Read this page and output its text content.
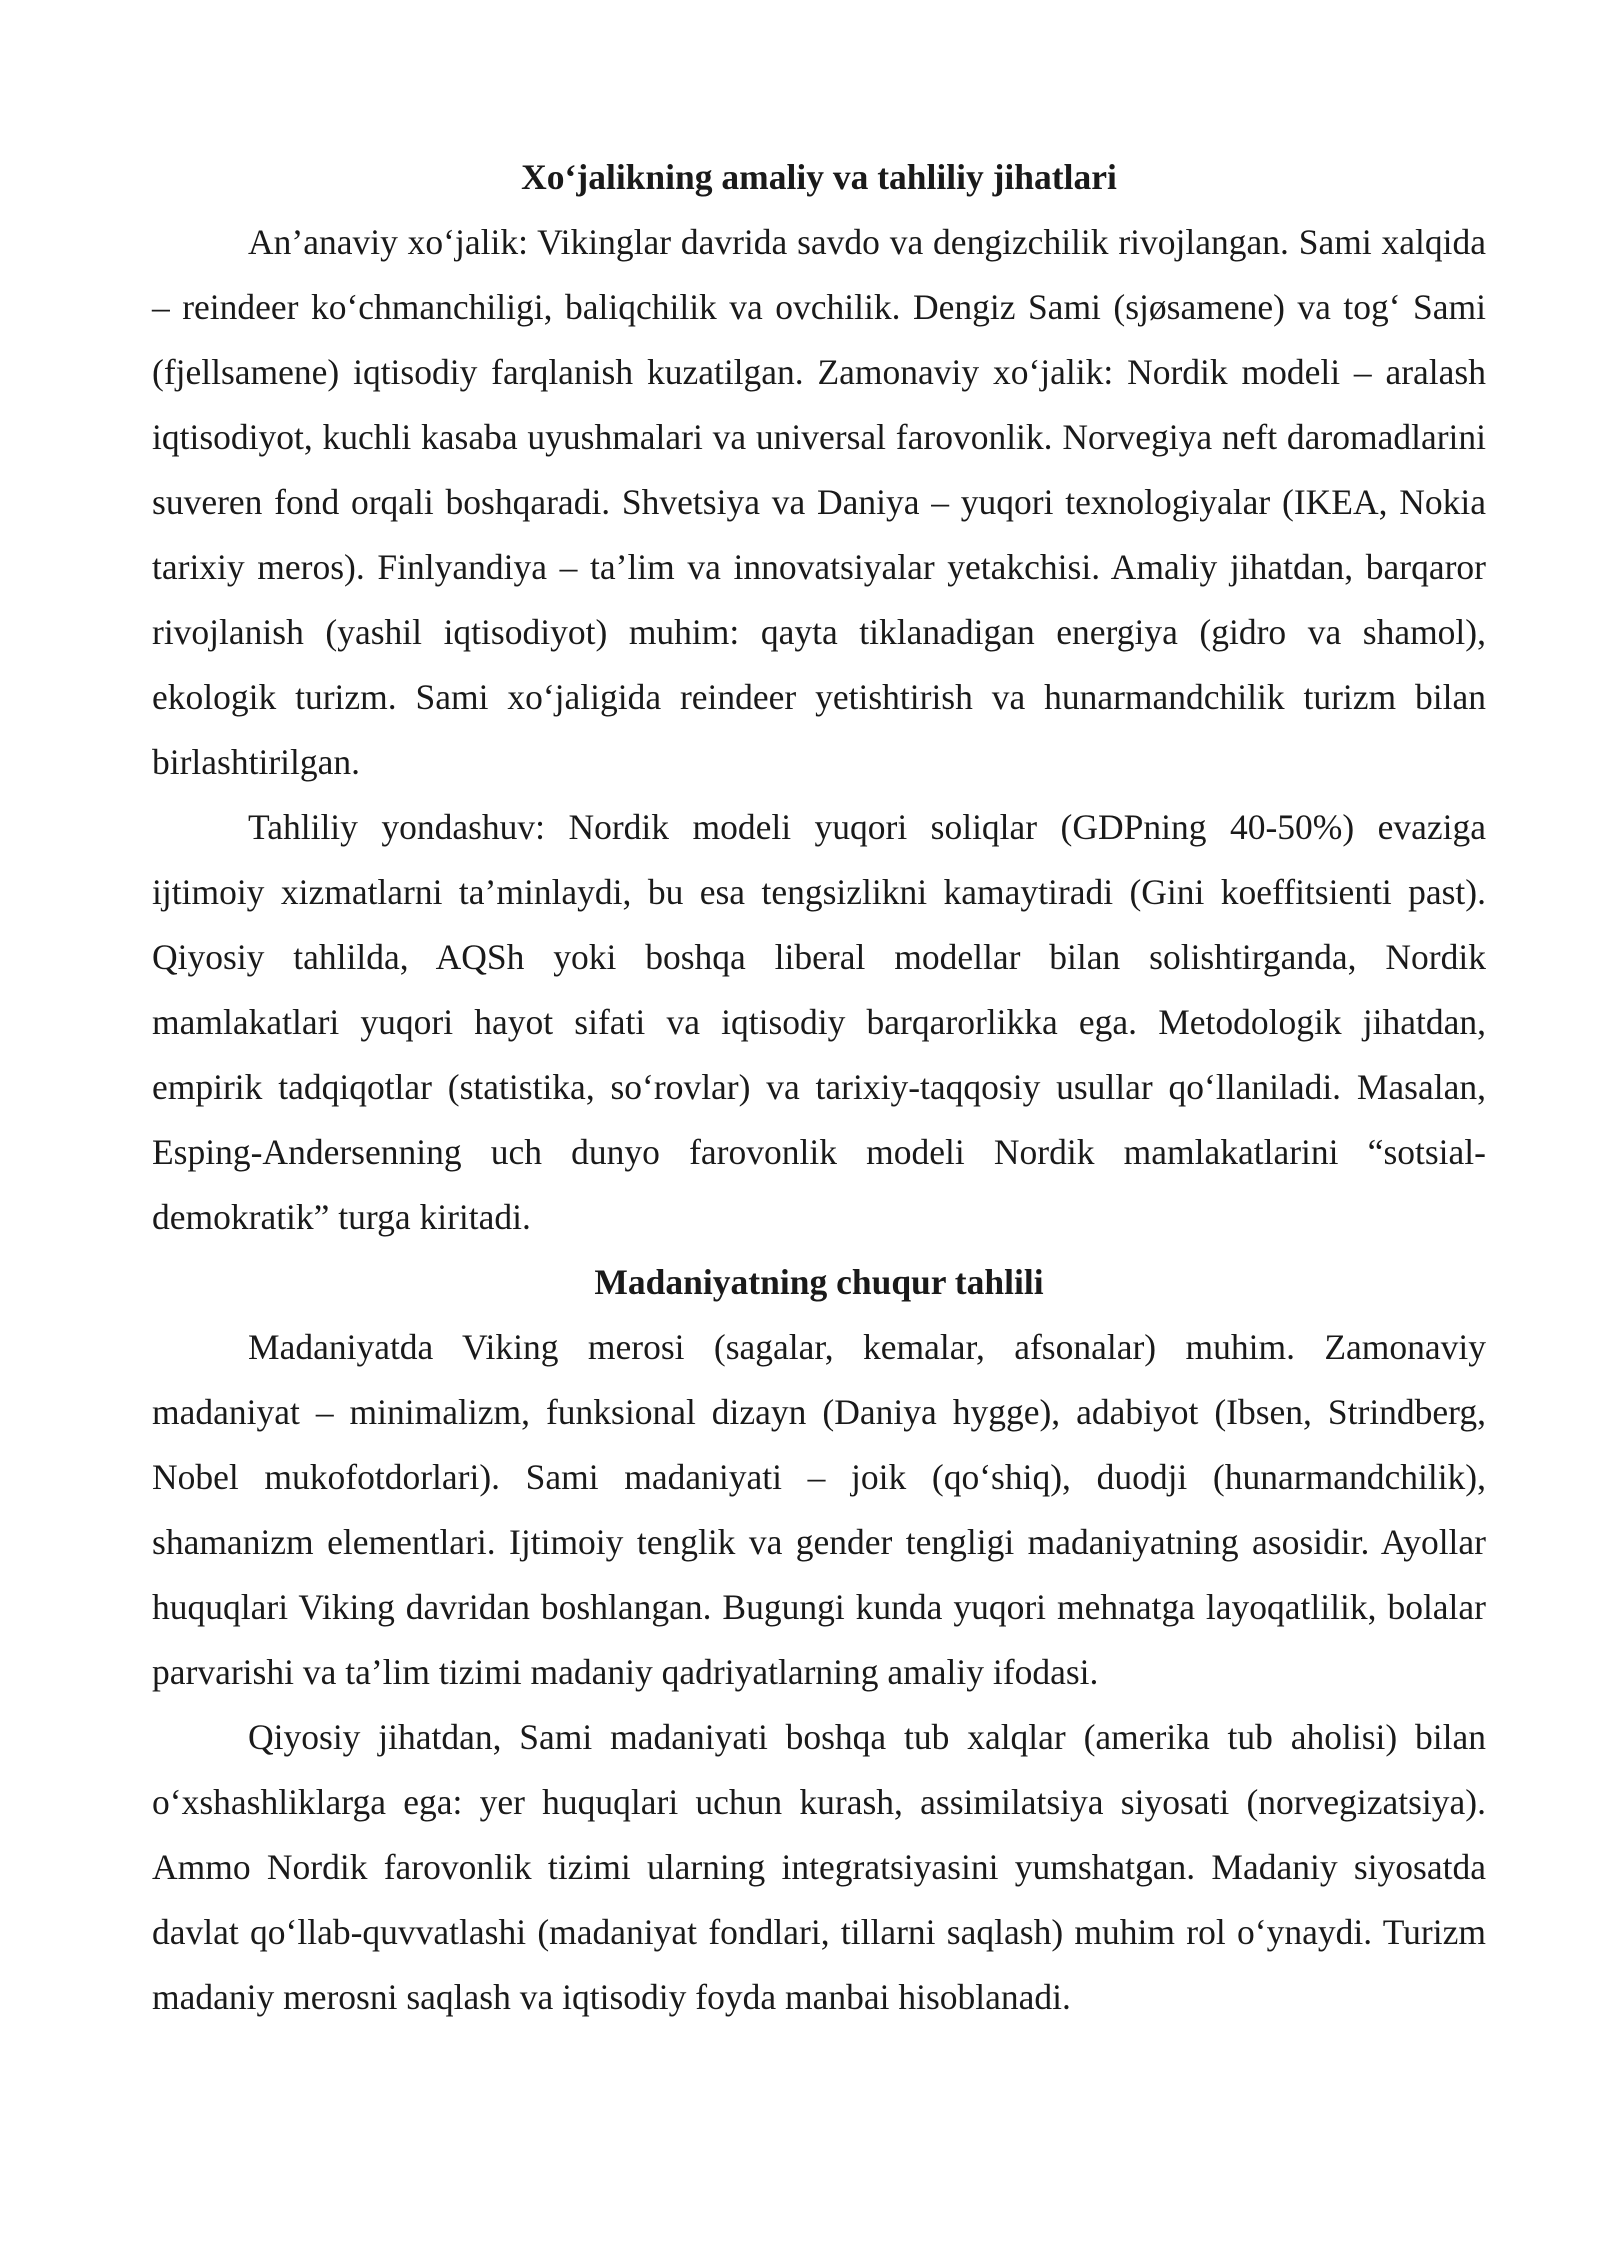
Xo‘jalikning amaliy va tahliliy jihatlari

An’anaviy xo‘jalik: Vikinglar davrida savdo va dengizchilik rivojlangan. Sami xalqida – reindeer ko‘chmanchiligi, baliqchilik va ovchilik. Dengiz Sami (sjøsamene) va tog‘ Sami (fjellsamene) iqtisodiy farqlanish kuzatilgan. Zamonaviy xo‘jalik: Nordik modeli – aralash iqtisodiyot, kuchli kasaba uyushmalari va universal farovonlik. Norvegiya neft daromadlarini suveren fond orqali boshqaradi. Shvetsiya va Daniya – yuqori texnologiyalar (IKEA, Nokia tarixiy meros). Finlyandiya – ta’lim va innovatsiyalar yetakchisi. Amaliy jihatdan, barqaror rivojlanish (yashil iqtisodiyot) muhim: qayta tiklanadigan energiya (gidro va shamol), ekologik turizm. Sami xo‘jaligida reindeer yetishtirish va hunarmandchilik turizm bilan birlashtirilgan.

Tahliliy yondashuv: Nordik modeli yuqori soliqlar (GDPning 40-50%) evaziga ijtimoiy xizmatlarni ta’minlaydi, bu esa tengsizlikni kamaytiradi (Gini koeffitsienti past). Qiyosiy tahlilda, AQSh yoki boshqa liberal modellar bilan solishtirganda, Nordik mamlakatlari yuqori hayot sifati va iqtisodiy barqarorlikka ega. Metodologik jihatdan, empirik tadqiqotlar (statistika, so‘rovlar) va tarixiy-taqqosiy usullar qo‘llaniladi. Masalan, Esping-Andersenning uch dunyo farovonlik modeli Nordik mamlakatlarini “sotsial-demokratik” turga kiritadi.

Madaniyatning chuqur tahlili

Madaniyatda Viking merosi (sagalar, kemalar, afsonalar) muhim. Zamonaviy madaniyat – minimalizm, funksional dizayn (Daniya hygge), adabiyot (Ibsen, Strindberg, Nobel mukofotdorlari). Sami madaniyati – joik (qo‘shiq), duodji (hunarmandchilik), shamanizm elementlari. Ijtimoiy tenglik va gender tengligi madaniyatning asosidir. Ayollar huquqlari Viking davridan boshlangan. Bugungi kunda yuqori mehnatga layoqatlilik, bolalar parvarishi va ta’lim tizimi madaniy qadriyatlarning amaliy ifodasi.

Qiyosiy jihatdan, Sami madaniyati boshqa tub xalqlar (amerika tub aholisi) bilan o‘xshashliklarga ega: yer huquqlari uchun kurash, assimilatsiya siyosati (norvegizatsiya). Ammo Nordik farovonlik tizimi ularning integratsiyasini yumshatgan. Madaniy siyosatda davlat qo‘llab-quvvatlashi (madaniyat fondlari, tillarni saqlash) muhim rol o‘ynaydi. Turizm madaniy merosni saqlash va iqtisodiy foyda manbai hisoblanadi.
